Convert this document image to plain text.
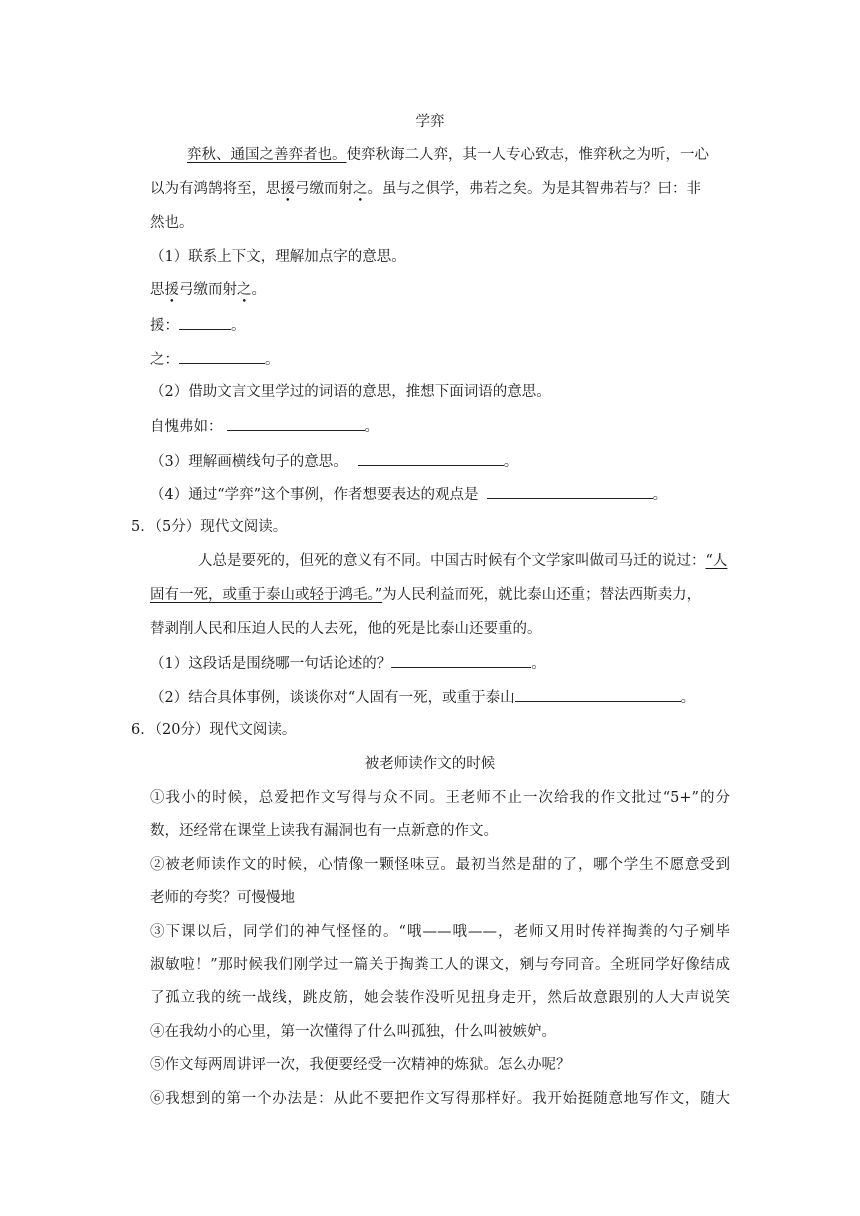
学弈
弈秋、通国之善弈者也。使弈秋诲二人弈，其一人专心致志，惟弈秋之为听，一心
以为有鸿鹄将至，思援弓缴而射之。虽与之俱学，弗若之矣。为是其智弗若与？曰：非
然也。
（1）联系上下文，理解加点字的意思。
思援弓缴而射之。
援：	。
之：	。
（2）借助文言文里学过的词语的意思，推想下面词语的意思。
自愧弗如：	。
（3）理解画横线句子的意思。	。
（4）通过“学弈”这个事例，作者想要表达的观点是	。
5．（5分）现代文阅读。
人总是要死的，但死的意义有不同。中国古时候有个文学家叫做司马迁的说过：“人
固有一死，或重于泰山或轻于鸿毛。”为人民利益而死，就比泰山还重；替法西斯卖力，
替剥削人民和压迫人民的人去死，他的死是比泰山还要重的。
（1）这段话是围绕哪一句话论述的？	。
（2）结合具体事例，谈谈你对“人固有一死，或重于泰山	。
6．（20分）现代文阅读。
被老师读作文的时候
①我小的时候，总爱把作文写得与众不同。王老师不止一次给我的作文批过“5+”的分
数，还经常在课堂上读我有漏洞也有一点新意的作文。
②被老师读作文的时候，心情像一颗怪味豆。最初当然是甜的了，哪个学生不愿意受到
老师的夸奖？可慢慢地
③下课以后，同学们的神气怪怪的。“哦——哦——，老师又用时传祥掏粪的勺子剜毕
淑敏啦！”那时候我们刚学过一篇关于掏粪工人的课文，剜与夸同音。全班同学好像结成
了孤立我的统一战线，跳皮筋，她会装作没听见扭身走开，然后故意跟别的人大声说笑
④在我幼小的心里，第一次懂得了什么叫孤独，什么叫被嫉妒。
⑤作文每两周讲评一次，我便要经受一次精神的炼狱。怎么办呢？
⑥我想到的第一个办法是：从此不要把作文写得那样好。我开始挺随意地写作文，随大
